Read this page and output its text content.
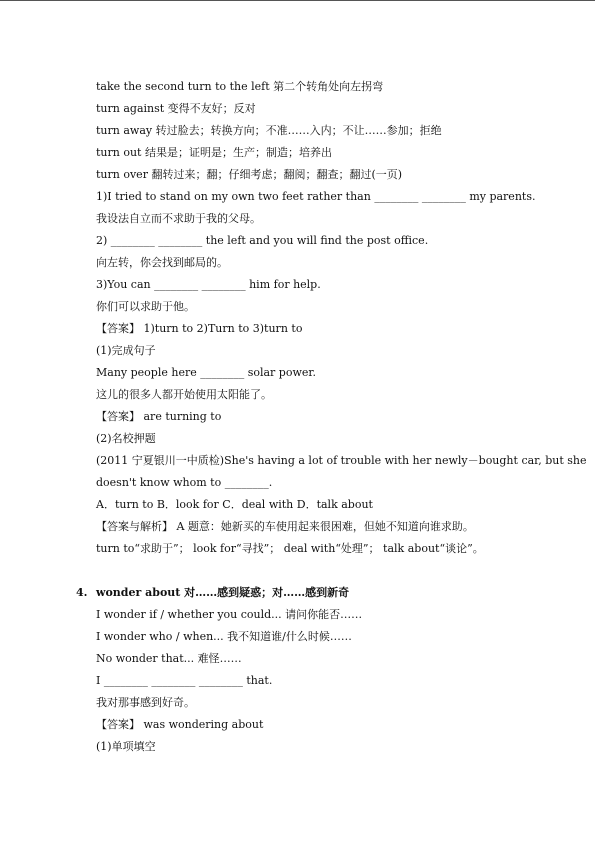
take the second turn to the left 第二个转角处向左拐弯
turn against 变得不友好；反对
turn away 转过脸去；转换方向；不准……入内；不让……参加；拒绝
turn out 结果是；证明是；生产；制造；培养出
turn over 翻转过来；翻；仔细考虑；翻阅；翻查；翻过(一页)
1)I tried to stand on my own two feet rather than ________ ________ my parents.
我设法自立而不求助于我的父母。
2) ________ ________ the left and you will find the post office.
向左转，你会找到邮局的。
3)You can ________ ________ him for help.
你们可以求助于他。
【答案】 1)turn to 2)Turn to 3)turn to
(1)完成句子
Many people here ________ solar power.
这儿的很多人都开始使用太阳能了。
【答案】 are turning to
(2)名校押题
(2011 宁夏银川一中质检)She's having a lot of trouble with her newly－bought car, but she
doesn't know whom to ________.
A．turn to B．look for C．deal with D．talk about
【答案与解析】 A 题意：她新买的车使用起来很困难，但她不知道向谁求助。
turn to“求助于”； look for“寻找”； deal with“处理”； talk about“谈论”。
4. wonder about 对……感到疑惑；对……感到新奇
I wonder if / whether you could... 请问你能否……
I wonder who / when... 我不知道谁/什么时候……
No wonder that... 难怪……
I ________ ________ ________ that.
我对那事感到好奇。
【答案】 was wondering about
(1)单项填空
